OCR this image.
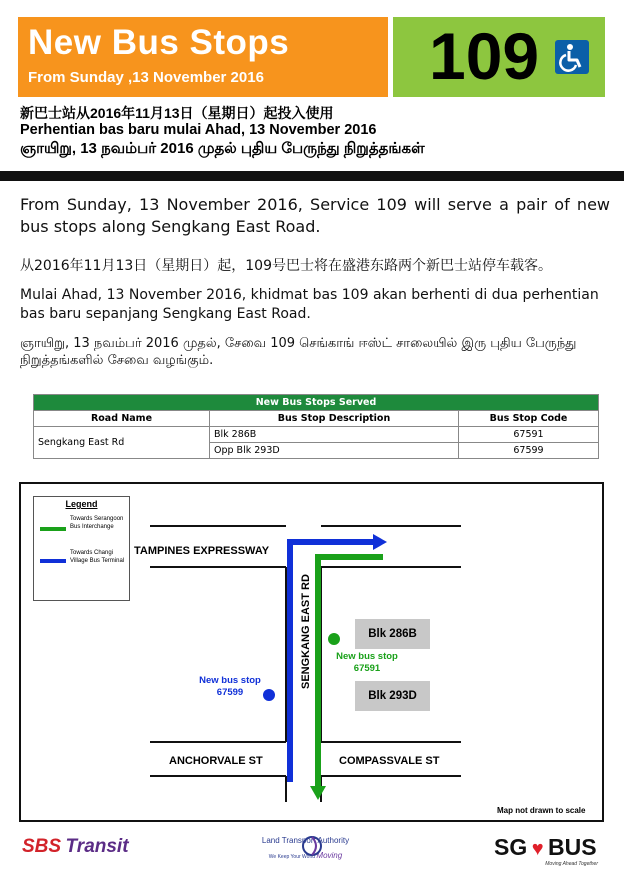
New Bus Stops
From Sunday ,13 November 2016	109
新巴士站从2016年11月13日（星期日）起投入使用
Perhentian bas baru mulai Ahad, 13 November 2016
ஞாயிறு, 13 நவம்பர் 2016 முதல் புதிய பேருந்து நிறுத்தங்கள்
From Sunday, 13 November 2016, Service 109 will serve a pair of new bus stops along Sengkang East Road.
从2016年11月13日（星期日）起，109号巴士将在盛港东路两个新巴士站停车载客。
Mulai Ahad, 13 November 2016, khidmat bas 109 akan berhenti di dua perhentian bas baru sepanjang Sengkang East Road.
ஞாயிறு, 13 நவம்பர் 2016 முதல், சேவை 109 செங்காங் ஈஸ்ட் சாலையில் இரு புதிய பேருந்து நிறுத்தங்களில் சேவை வழங்கும்.
New Bus Stops Served		
Road Name	Bus Stop Description	Bus Stop Code
Sengkang East Rd	Blk 286B	67591
	Opp Blk 293D	67599
Legend
Towards Serangoon Bus Interchange
Towards Changi Village Bus Terminal
TAMPINES EXPRESSWAY
SENGKANG EAST RD
ANCHORVALE ST	COMPASSVALE ST
Blk 286B
Blk 293D
New bus stop
67591
New bus stop
67599
Map not drawn to scale
SBS Transit	Land Transport Authority
We Keep Your World Moving	SG ♥ BUS
Moving Ahead Together
